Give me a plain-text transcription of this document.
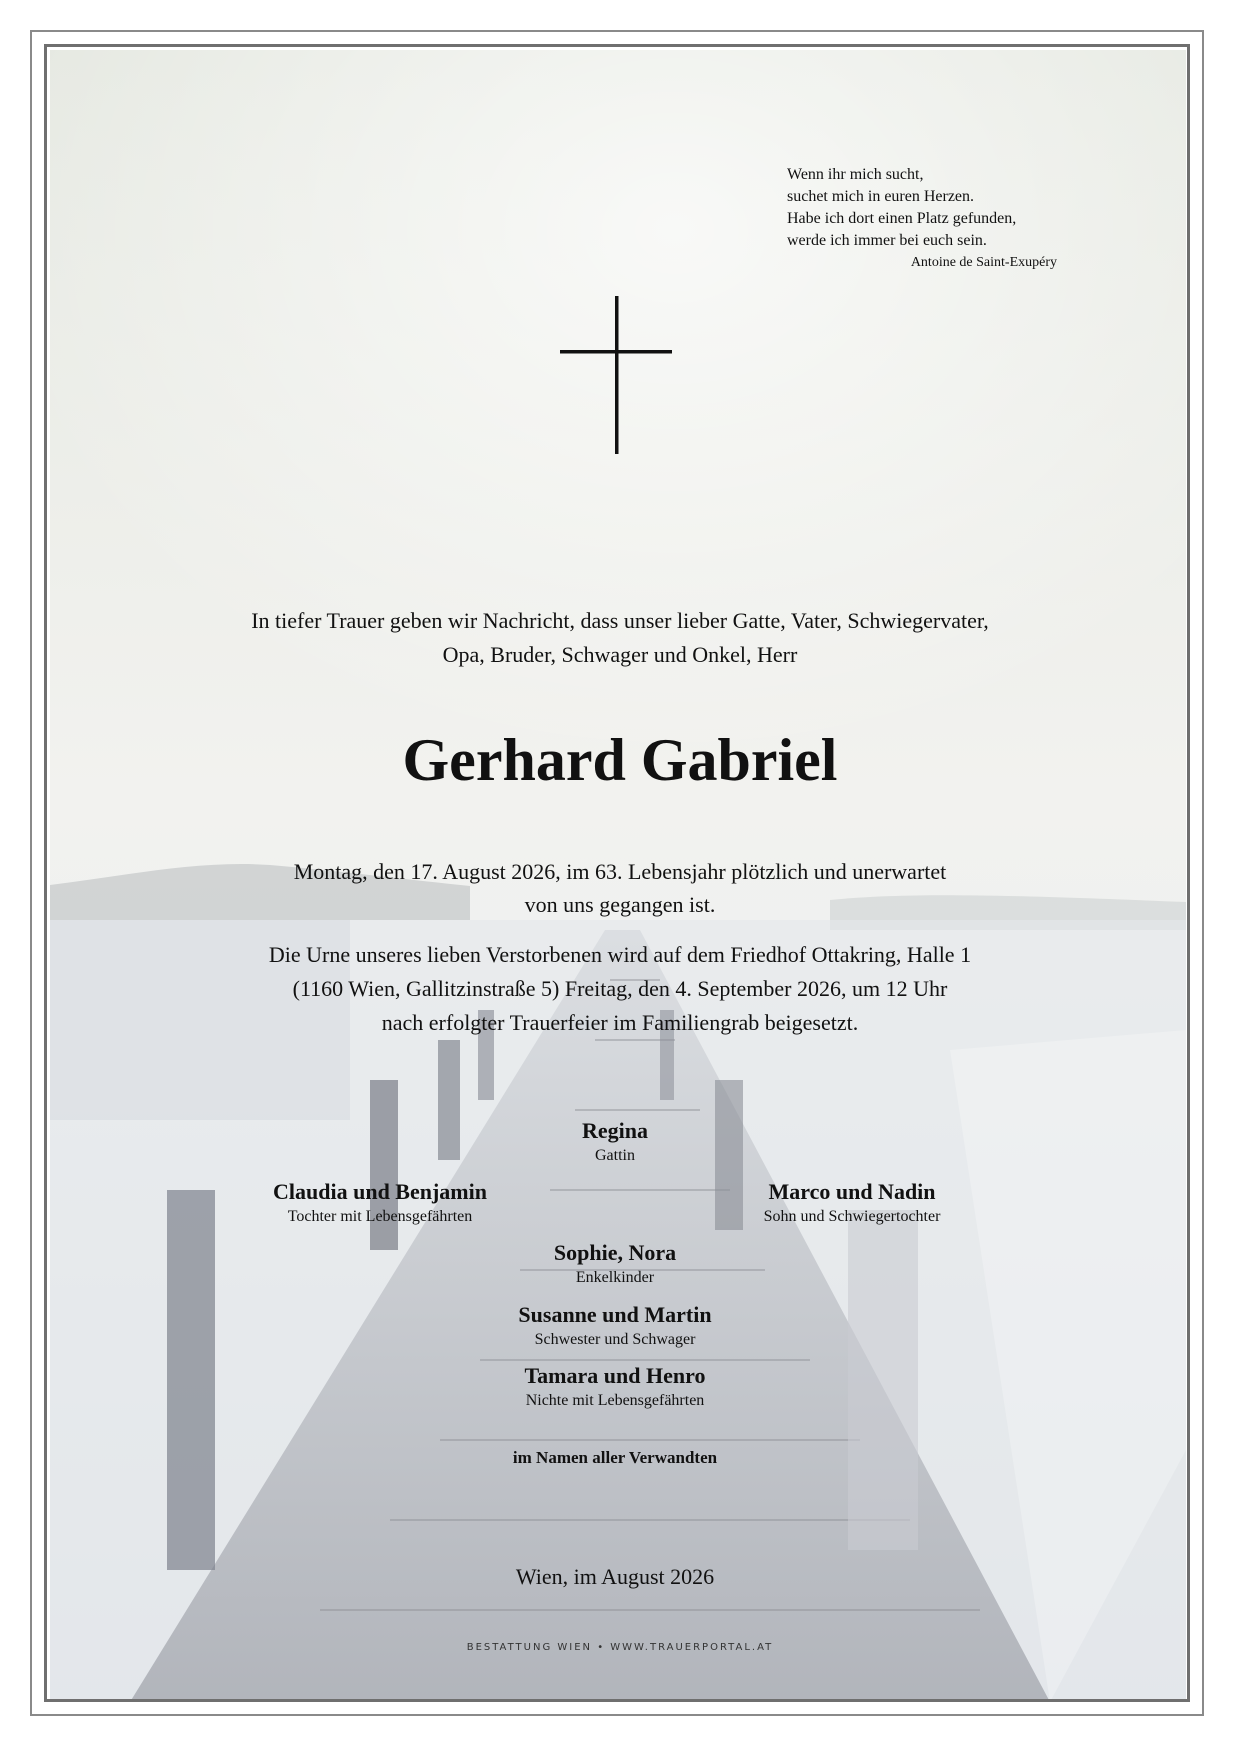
Wenn ihr mich sucht,
suchet mich in euren Herzen.
Habe ich dort einen Platz gefunden,
werde ich immer bei euch sein.
Antoine de Saint-Exupéry
In tiefer Trauer geben wir Nachricht, dass unser lieber Gatte, Vater, Schwiegervater,
Opa, Bruder, Schwager und Onkel, Herr
Gerhard Gabriel
Montag, den 17. August 2026, im 63. Lebensjahr plötzlich und unerwartet
von uns gegangen ist.
Die Urne unseres lieben Verstorbenen wird auf dem Friedhof Ottakring, Halle 1
(1160 Wien, Gallitzinstraße 5) Freitag, den 4. September 2026, um 12 Uhr
nach erfolgter Trauerfeier im Familiengrab beigesetzt.
Regina
Gattin
Claudia und Benjamin
Tochter mit Lebensgefährten
Marco und Nadin
Sohn und Schwiegertochter
Sophie, Nora
Enkelkinder
Susanne und Martin
Schwester und Schwager
Tamara und Henro
Nichte mit Lebensgefährten
im Namen aller Verwandten
Wien, im August 2026
BESTATTUNG WIEN • WWW.TRAUERPORTAL.AT
